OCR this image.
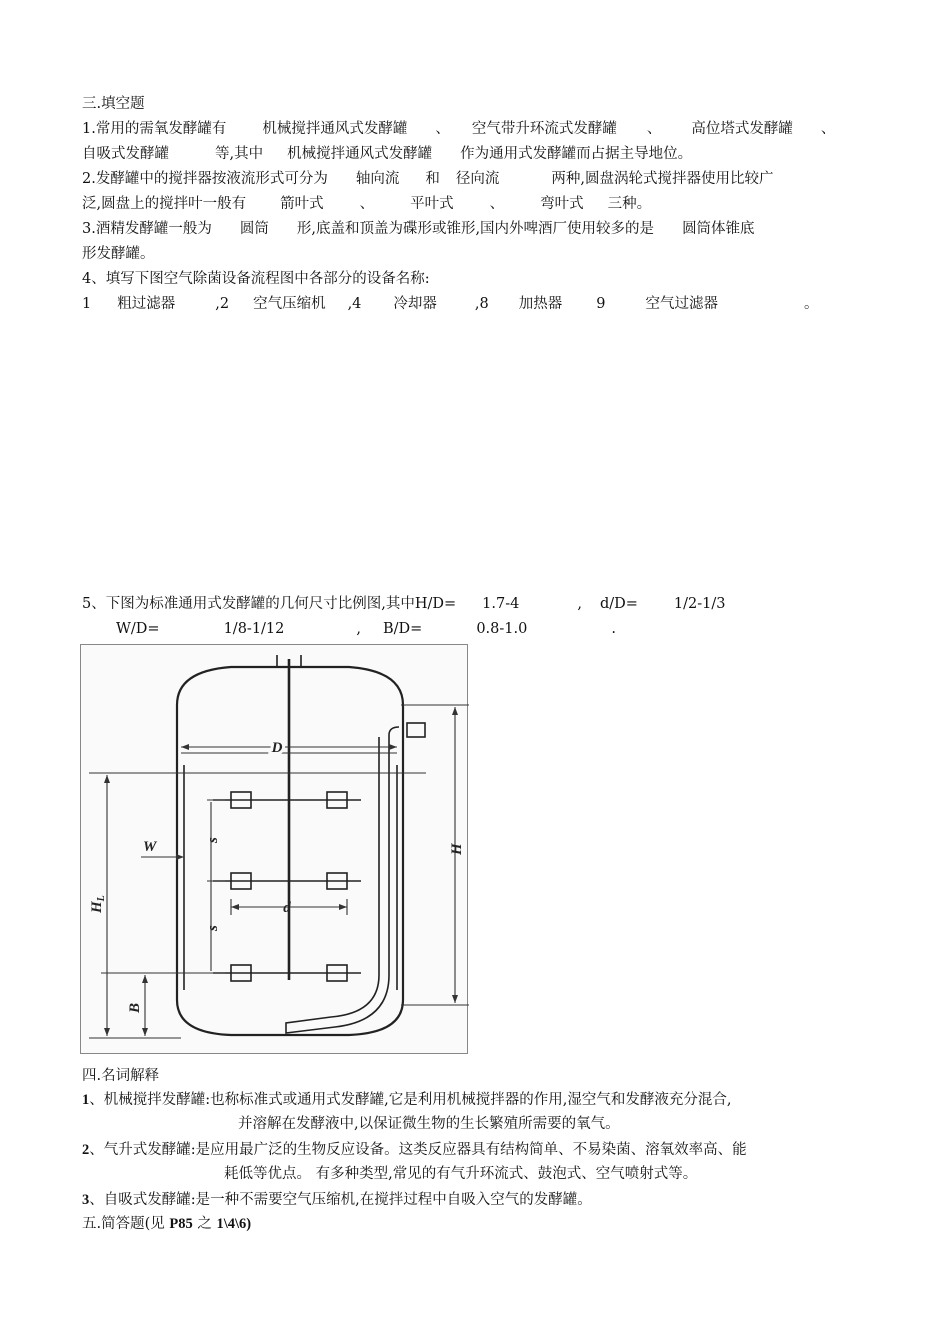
三.填空题
1.常用的需氧发酵罐有 机械搅拌通风式发酵罐 、 空气带升环流式发酵罐 、 高位塔式发酵罐 、
自吸式发酵罐	等,其中 机械搅拌通风式发酵罐 作为通用式发酵罐而占据主导地位。
2.发酵罐中的搅拌器按液流形式可分为 轴向流 和 径向流	两种,圆盘涡轮式搅拌器使用比较广
泛,圆盘上的搅拌叶一般有 箭叶式 、 平叶式 、 弯叶式 三种。
3.酒精发酵罐一般为 圆筒 形,底盖和顶盖为碟形或锥形,国内外啤酒厂使用较多的是 圆筒体锥底
形发酵罐。
4、填写下图空气除菌设备流程图中各部分的设备名称:
1 粗过滤器	,2 空气压缩机 ,4 冷却器	,8 加热器 9	空气过滤器	。
5、下图为标准通用式发酵罐的几何尺寸比例图,其中H/D= 1.7-4	, d/D= 1/2-1/3
W/D=	1/8-1/12	, B/D=	0.8-1.0	.
D
W	s
s
d
H
$H_L$
B
四.名词解释
1、机械搅拌发酵罐:也称标准式或通用式发酵罐,它是利用机械搅拌器的作用,湿空气和发酵液充分混合,
并溶解在发酵液中,以保证微生物的生长繁殖所需要的氧气。
2、气升式发酵罐:是应用最广泛的生物反应设备。这类反应器具有结构简单、不易染菌、溶氧效率高、能
耗低等优点。 有多种类型,常见的有气升环流式、鼓泡式、空气喷射式等。
3、自吸式发酵罐:是一种不需要空气压缩机,在搅拌过程中自吸入空气的发酵罐。
五.简答题(见 P85 之 1\4\6)
